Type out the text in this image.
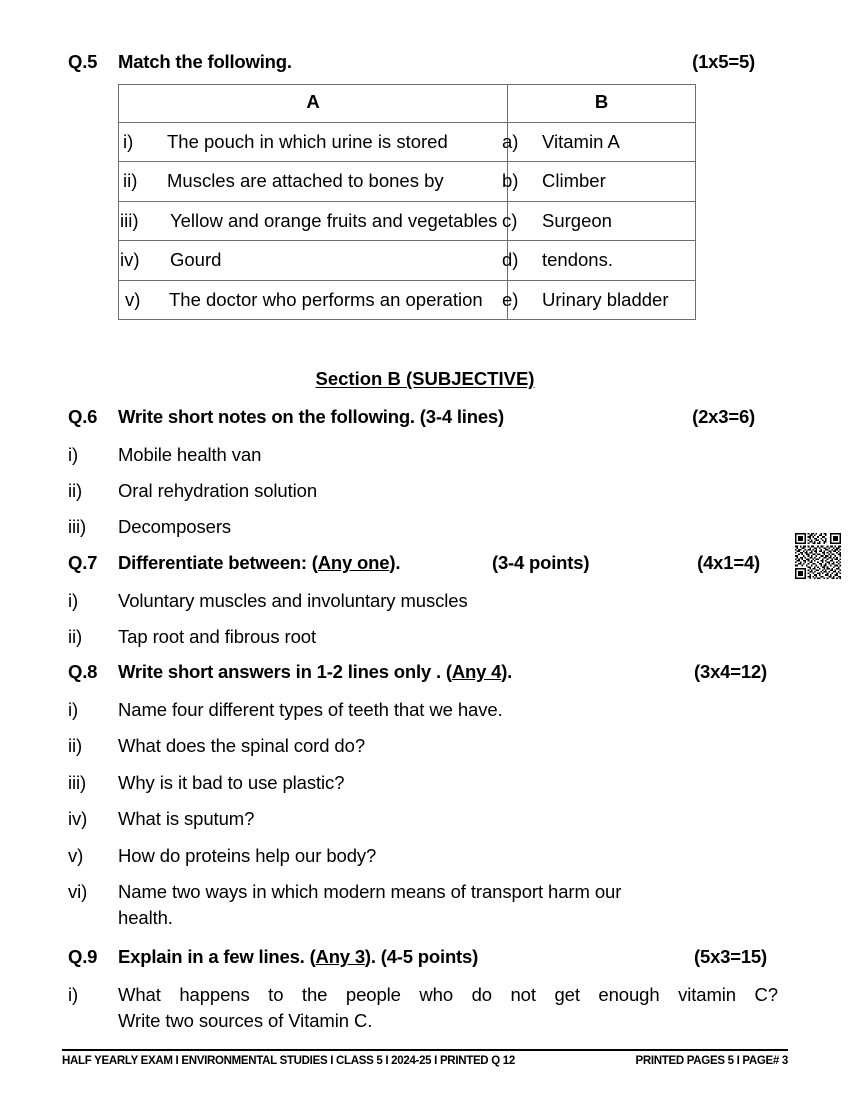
Q.5	Match the following.	(1x5=5)
A	B

i) The pouch in which urine is stored	a) Vitamin A

ii) Muscles are attached to bones by	b) Climber

iii) Yellow and orange fruits and vegetables	c) Surgeon

iv) Gourd	d) tendons.

v) The doctor who performs an operation	e) Urinary bladder
Section B (SUBJECTIVE)
Q.6	Write short notes on the following. (3-4 lines)	(2x3=6)
i)	Mobile health van
ii)	Oral rehydration solution
iii)	Decomposers
Q.7	Differentiate between: (Any one).	(3-4 points)	(4x1=4)
i)	Voluntary muscles and involuntary muscles
ii)	Tap root and fibrous root
Q.8	Write short answers in 1-2 lines only . (Any 4).	(3x4=12)
i)	Name four different types of teeth that we have.
ii)	What does the spinal cord do?
iii)	Why is it bad to use plastic?
iv)	What is sputum?
v)	How do proteins help our body?
vi)	Name two ways in which modern means of transport harm our
health.
Q.9	Explain in a few lines. (Any 3). (4-5 points)	(5x3=15)
i)	What happens to the people who do not get enough vitamin C?
Write two sources of Vitamin C.
HALF YEARLY EXAM I ENVIRONMENTAL STUDIES I CLASS 5 I 2024-25 I PRINTED Q 12	PRINTED PAGES 5 I PAGE# 3
